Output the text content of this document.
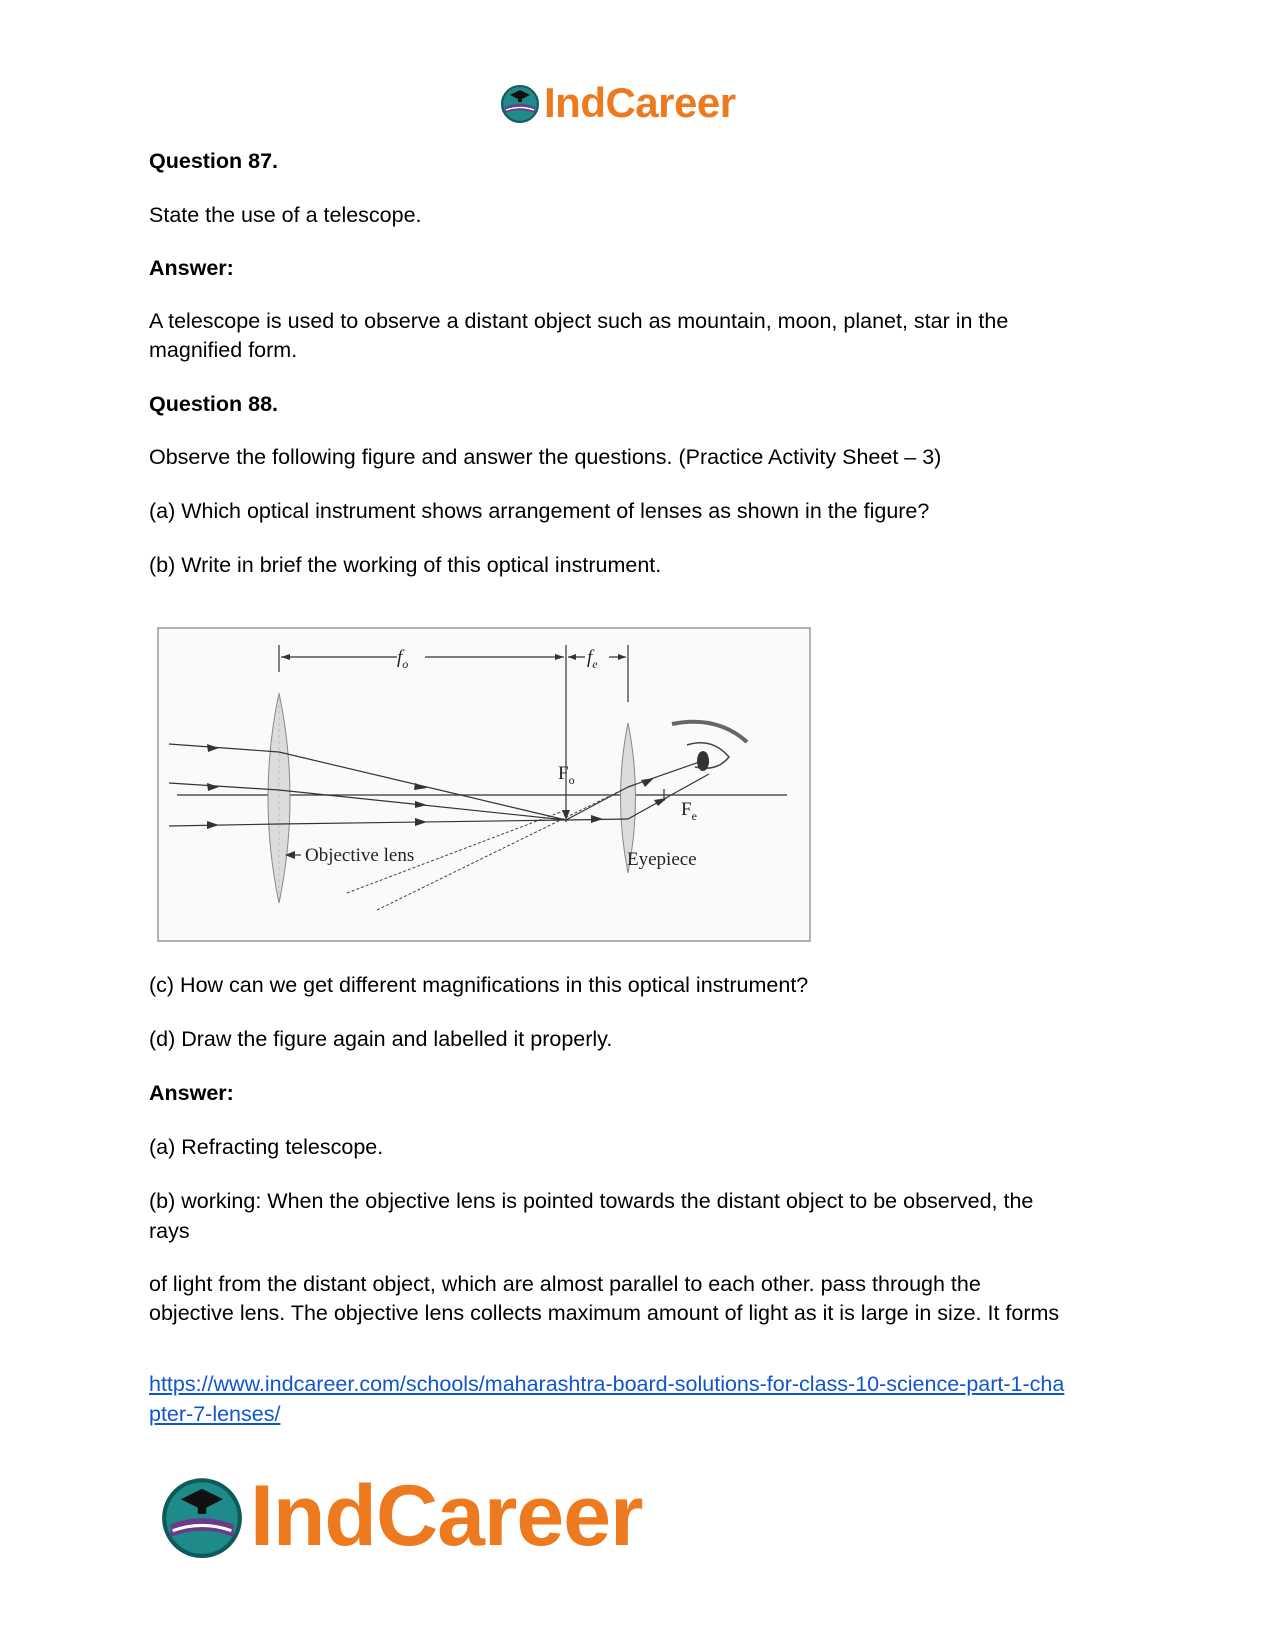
IndCareer
Question 87.
State the use of a telescope.
Answer:
A telescope is used to observe a distant object such as mountain, moon, planet, star in the
magnified form.
Question 88.
Observe the following figure and answer the questions. (Practice Activity Sheet – 3)
(a) Which optical instrument shows arrangement of lenses as shown in the figure?
(b) Write in brief the working of this optical instrument.
$f_o$	$f_e$
$F_o$
$F_e$
Objective lens	Eyepiece
(c) How can we get different magnifications in this optical instrument?
(d) Draw the figure again and labelled it properly.
Answer:
(a) Refracting telescope.
(b) working: When the objective lens is pointed towards the distant object to be observed, the
rays
of light from the distant object, which are almost parallel to each other. pass through the
objective lens. The objective lens collects maximum amount of light as it is large in size. It forms
https://www.indcareer.com/schools/maharashtra-board-solutions-for-class-10-science-part-1-cha
pter-7-lenses/
IndCareer
